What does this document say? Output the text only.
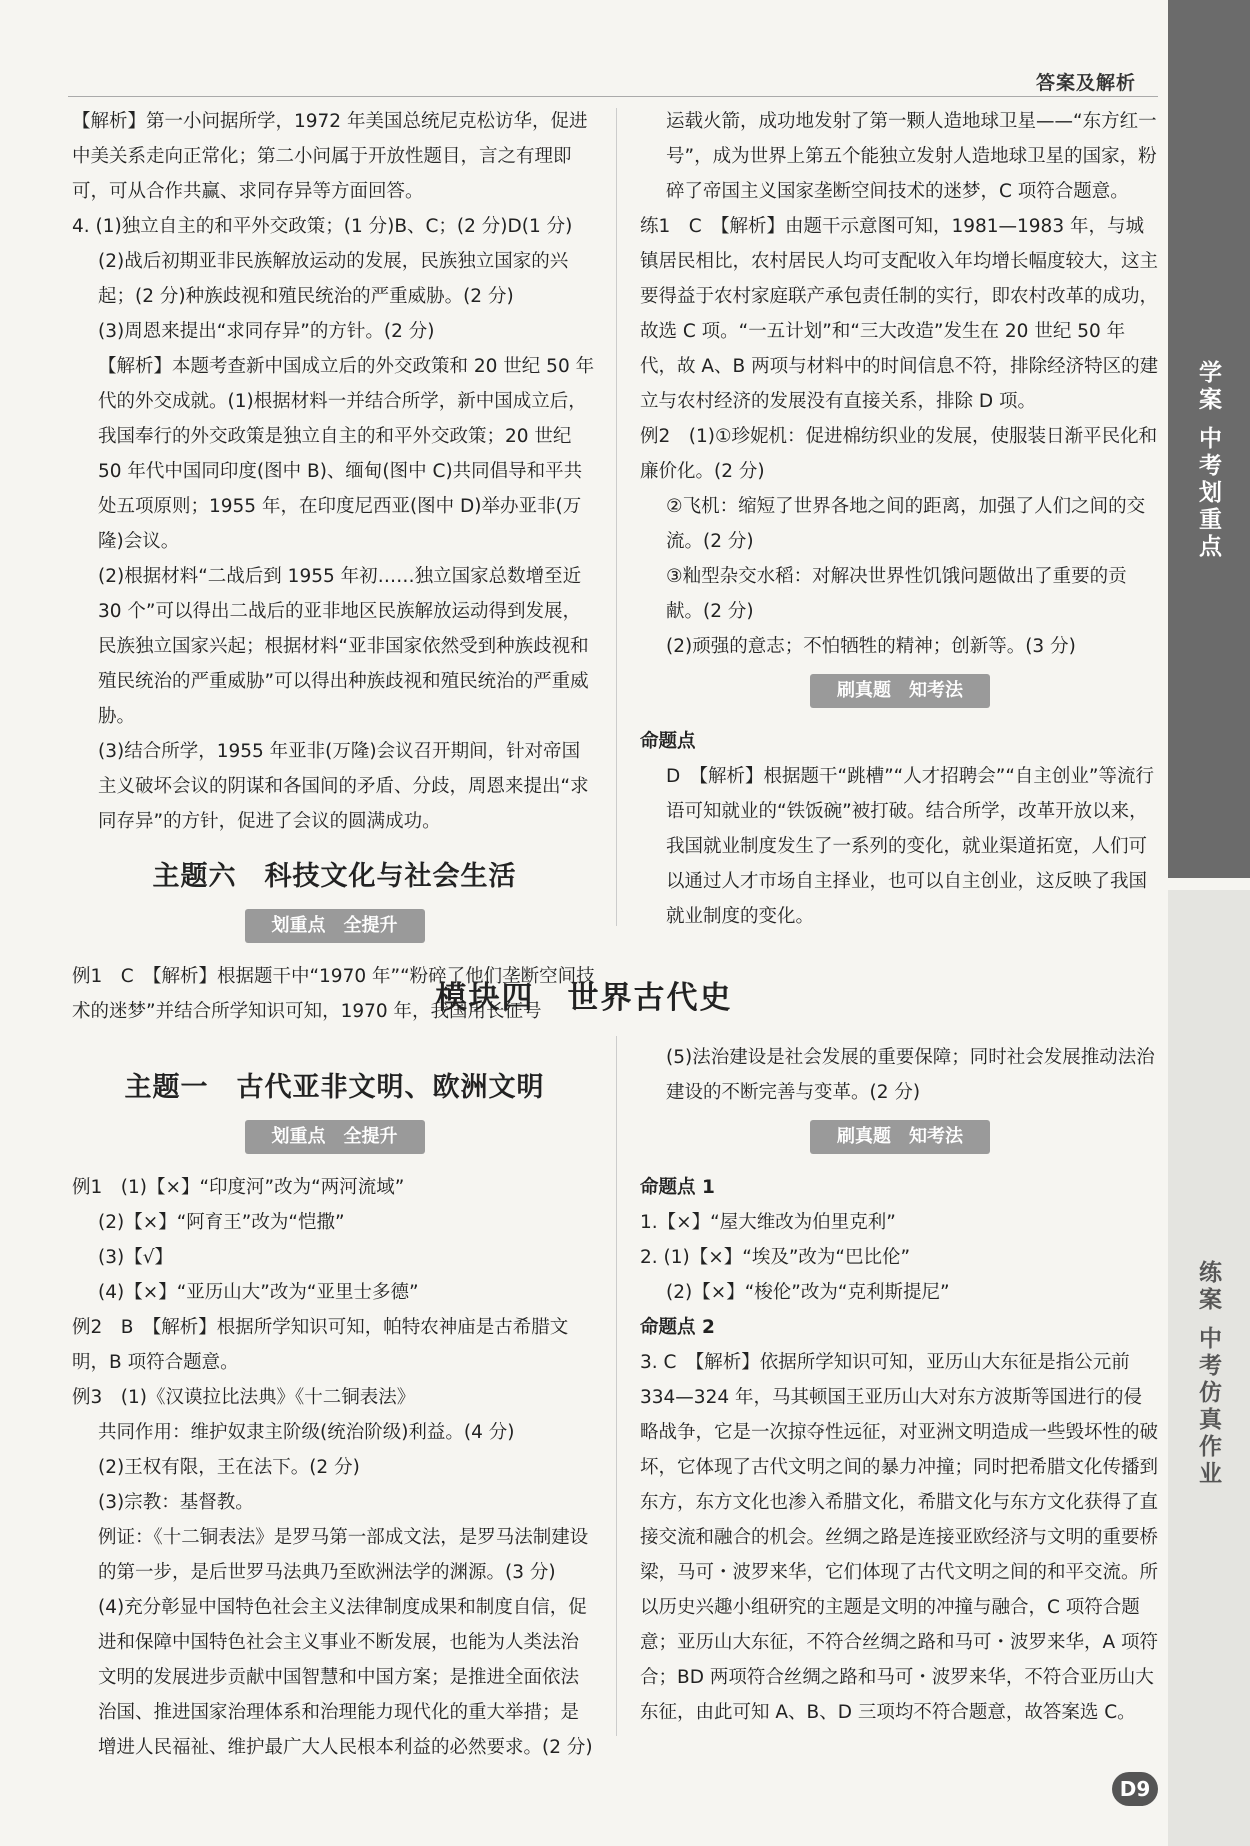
学案 中考划重点
练案 中考仿真作业
答案及解析

【解析】第一小问据所学，1972 年美国总统尼克松访华，促进中美关系走向正常化；第二小问属于开放性题目，言之有理即可，可从合作共赢、求同存异等方面回答。

4. (1)独立自主的和平外交政策；(1 分)B、C；(2 分)D(1 分)

(2)战后初期亚非民族解放运动的发展，民族独立国家的兴起；(2 分)种族歧视和殖民统治的严重威胁。(2 分)

(3)周恩来提出“求同存异”的方针。(2 分)

【解析】本题考查新中国成立后的外交政策和 20 世纪 50 年代的外交成就。(1)根据材料一并结合所学，新中国成立后，我国奉行的外交政策是独立自主的和平外交政策；20 世纪 50 年代中国同印度(图中 B)、缅甸(图中 C)共同倡导和平共处五项原则；1955 年，在印度尼西亚(图中 D)举办亚非(万隆)会议。

(2)根据材料“二战后到 1955 年初……独立国家总数增至近 30 个”可以得出二战后的亚非地区民族解放运动得到发展，民族独立国家兴起；根据材料“亚非国家依然受到种族歧视和殖民统治的严重威胁”可以得出种族歧视和殖民统治的严重威胁。

(3)结合所学，1955 年亚非(万隆)会议召开期间，针对帝国主义破坏会议的阴谋和各国间的矛盾、分歧，周恩来提出“求同存异”的方针，促进了会议的圆满成功。

主题六　科技文化与社会生活
划重点　全提升

例1　C　【解析】根据题干中“1970 年”“粉碎了他们垄断空间技术的迷梦”并结合所学知识可知，1970 年，我国用长征号

运载火箭，成功地发射了第一颗人造地球卫星——“东方红一号”，成为世界上第五个能独立发射人造地球卫星的国家，粉碎了帝国主义国家垄断空间技术的迷梦，C 项符合题意。

练1　C　【解析】由题干示意图可知，1981—1983 年，与城镇居民相比，农村居民人均可支配收入年均增长幅度较大，这主要得益于农村家庭联产承包责任制的实行，即农村改革的成功，故选 C 项。“一五计划”和“三大改造”发生在 20 世纪 50 年代，故 A、B 两项与材料中的时间信息不符，排除经济特区的建立与农村经济的发展没有直接关系，排除 D 项。

例2　(1)①珍妮机：促进棉纺织业的发展，使服装日渐平民化和廉价化。(2 分)

②飞机：缩短了世界各地之间的距离，加强了人们之间的交流。(2 分)

③籼型杂交水稻：对解决世界性饥饿问题做出了重要的贡献。(2 分)

(2)顽强的意志；不怕牺牲的精神；创新等。(3 分)

刷真题　知考法

命题点

D　【解析】根据题干“跳槽”“人才招聘会”“自主创业”等流行语可知就业的“铁饭碗”被打破。结合所学，改革开放以来，我国就业制度发生了一系列的变化，就业渠道拓宽，人们可以通过人才市场自主择业，也可以自主创业，这反映了我国就业制度的变化。

模块四　世界古代史
主题一　古代亚非文明、欧洲文明
划重点　全提升

例1　(1)【×】“印度河”改为“两河流域”

(2)【×】“阿育王”改为“恺撒”

(3)【√】

(4)【×】“亚历山大”改为“亚里士多德”

例2　B　【解析】根据所学知识可知，帕特农神庙是古希腊文明，B 项符合题意。

例3　(1)《汉谟拉比法典》《十二铜表法》

共同作用：维护奴隶主阶级(统治阶级)利益。(4 分)

(2)王权有限，王在法下。(2 分)

(3)宗教：基督教。

例证：《十二铜表法》是罗马第一部成文法，是罗马法制建设的第一步，是后世罗马法典乃至欧洲法学的渊源。(3 分)

(4)充分彰显中国特色社会主义法律制度成果和制度自信，促进和保障中国特色社会主义事业不断发展，也能为人类法治文明的发展进步贡献中国智慧和中国方案；是推进全面依法治国、推进国家治理体系和治理能力现代化的重大举措；是增进人民福祉、维护最广大人民根本利益的必然要求。(2 分)

(5)法治建设是社会发展的重要保障；同时社会发展推动法治建设的不断完善与变革。(2 分)

刷真题　知考法

命题点 1

1.【×】“屋大维改为伯里克利”

2. (1)【×】“埃及”改为“巴比伦”

(2)【×】“梭伦”改为“克利斯提尼”

命题点 2

3. C　【解析】依据所学知识可知，亚历山大东征是指公元前 334—324 年，马其顿国王亚历山大对东方波斯等国进行的侵略战争，它是一次掠夺性远征，对亚洲文明造成一些毁坏性的破坏，它体现了古代文明之间的暴力冲撞；同时把希腊文化传播到东方，东方文化也渗入希腊文化，希腊文化与东方文化获得了直接交流和融合的机会。丝绸之路是连接亚欧经济与文明的重要桥梁，马可・波罗来华，它们体现了古代文明之间的和平交流。所以历史兴趣小组研究的主题是文明的冲撞与融合，C 项符合题意；亚历山大东征，不符合丝绸之路和马可・波罗来华，A 项符合；BD 两项符合丝绸之路和马可・波罗来华，不符合亚历山大东征，由此可知 A、B、D 三项均不符合题意，故答案选 C。

D9
